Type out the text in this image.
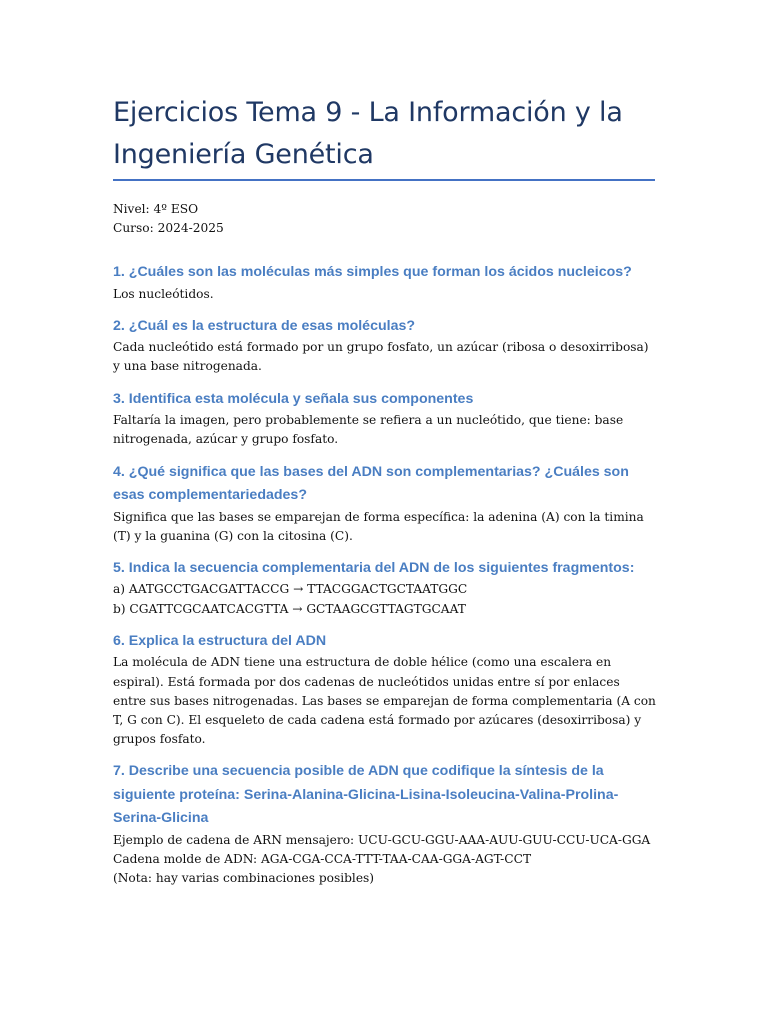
Ejercicios Tema 9 - La Información y la Ingeniería Genética
Nivel: 4º ESO
Curso: 2024-2025
1. ¿Cuáles son las moléculas más simples que forman los ácidos nucleicos?

Los nucleótidos.

2. ¿Cuál es la estructura de esas moléculas?

Cada nucleótido está formado por un grupo fosfato, un azúcar (ribosa o desoxirribosa) y una base nitrogenada.

3. Identifica esta molécula y señala sus componentes

Faltaría la imagen, pero probablemente se refiera a un nucleótido, que tiene: base nitrogenada, azúcar y grupo fosfato.

4. ¿Qué significa que las bases del ADN son complementarias? ¿Cuáles son esas complementariedades?

Significa que las bases se emparejan de forma específica: la adenina (A) con la timina (T) y la guanina (G) con la citosina (C).

5. Indica la secuencia complementaria del ADN de los siguientes fragmentos:

a) AATGCCTGACGATTACCG → TTACGGACTGCTAATGGC
b) CGATTCGCAATCACGTTA → GCTAAGCGTTAGTGCAAT

6. Explica la estructura del ADN

La molécula de ADN tiene una estructura de doble hélice (como una escalera en espiral). Está formada por dos cadenas de nucleótidos unidas entre sí por enlaces entre sus bases nitrogenadas. Las bases se emparejan de forma complementaria (A con T, G con C). El esqueleto de cada cadena está formado por azúcares (desoxirribosa) y grupos fosfato.

7. Describe una secuencia posible de ADN que codifique la síntesis de la siguiente proteína: Serina-Alanina-Glicina-Lisina-Isoleucina-Valina-Prolina-Serina-Glicina

Ejemplo de cadena de ARN mensajero: UCU-GCU-GGU-AAA-AUU-GUU-CCU-UCA-GGA
Cadena molde de ADN: AGA-CGA-CCA-TTT-TAA-CAA-GGA-AGT-CCT
(Nota: hay varias combinaciones posibles)
